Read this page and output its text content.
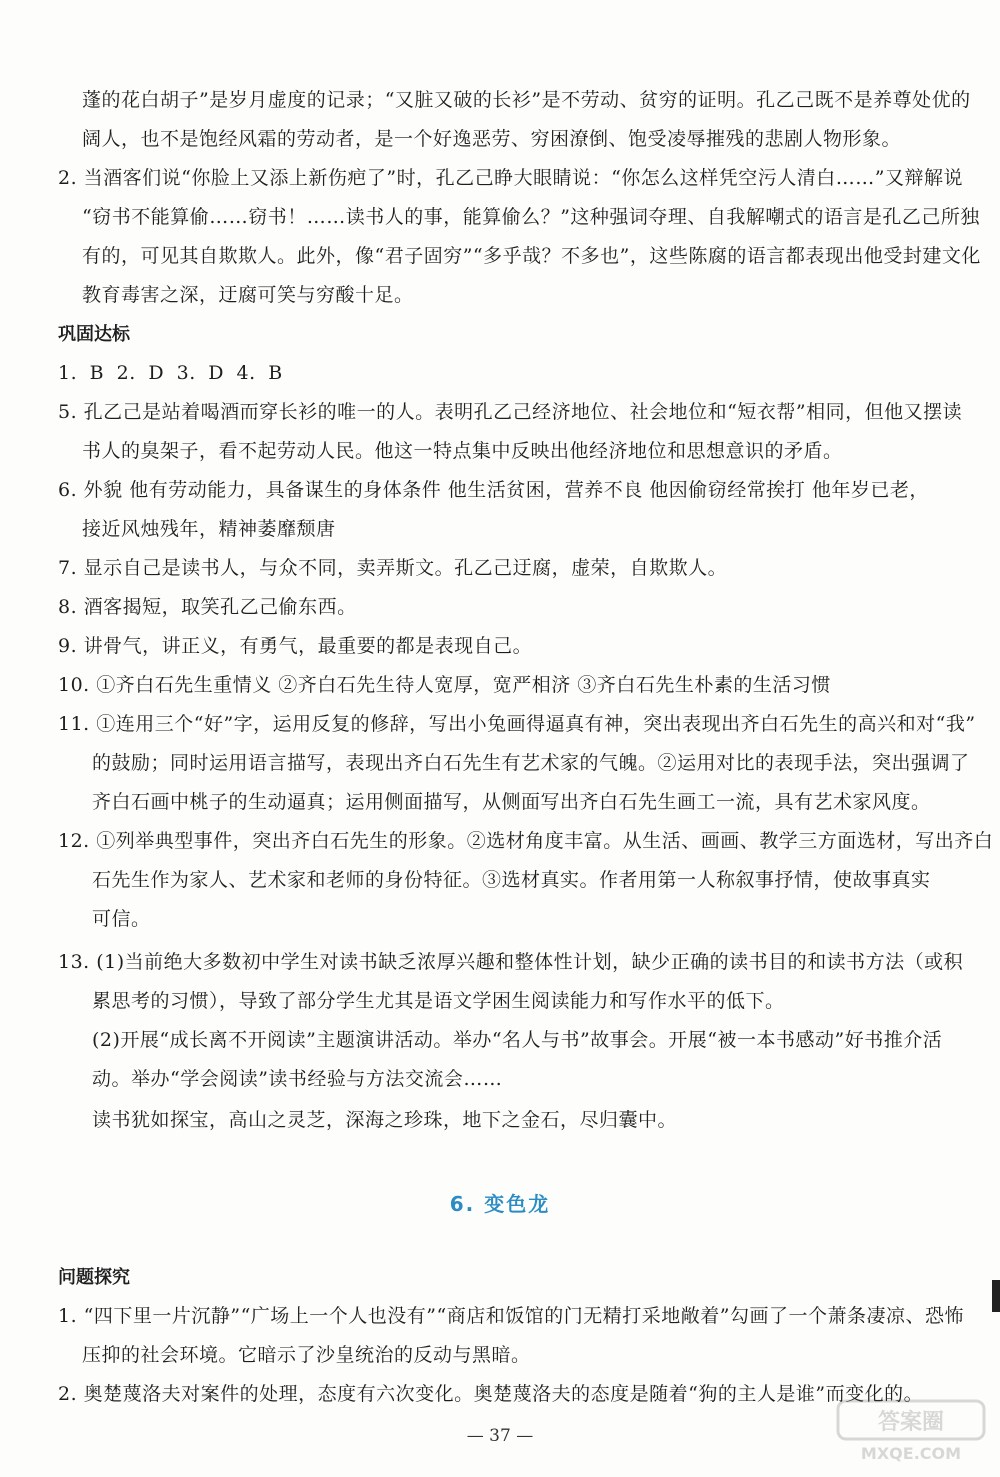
蓬的花白胡子”是岁月虚度的记录；“又脏又破的长衫”是不劳动、贫穷的证明。孔乙己既不是养尊处优的
阔人，也不是饱经风霜的劳动者，是一个好逸恶劳、穷困潦倒、饱受凌辱摧残的悲剧人物形象。
2. 当酒客们说“你脸上又添上新伤疤了”时，孔乙己睁大眼睛说：“你怎么这样凭空污人清白……”又辩解说
“窃书不能算偷……窃书！……读书人的事，能算偷么？”这种强词夺理、自我解嘲式的语言是孔乙己所独
有的，可见其自欺欺人。此外，像“君子固穷”“多乎哉？不多也”，这些陈腐的语言都表现出他受封建文化
教育毒害之深，迂腐可笑与穷酸十足。
巩固达标
1. B 2. D 3. D 4. B
5. 孔乙己是站着喝酒而穿长衫的唯一的人。表明孔乙己经济地位、社会地位和“短衣帮”相同，但他又摆读
书人的臭架子，看不起劳动人民。他这一特点集中反映出他经济地位和思想意识的矛盾。
6. 外貌 他有劳动能力，具备谋生的身体条件 他生活贫困，营养不良 他因偷窃经常挨打 他年岁已老，
接近风烛残年，精神萎靡颓唐
7. 显示自己是读书人，与众不同，卖弄斯文。孔乙己迂腐，虚荣，自欺欺人。
8. 酒客揭短，取笑孔乙己偷东西。
9. 讲骨气，讲正义，有勇气，最重要的都是表现自己。
10. ①齐白石先生重情义 ②齐白石先生待人宽厚，宽严相济 ③齐白石先生朴素的生活习惯
11. ①连用三个“好”字，运用反复的修辞，写出小兔画得逼真有神，突出表现出齐白石先生的高兴和对“我”
的鼓励；同时运用语言描写，表现出齐白石先生有艺术家的气魄。②运用对比的表现手法，突出强调了
齐白石画中桃子的生动逼真；运用侧面描写，从侧面写出齐白石先生画工一流，具有艺术家风度。
12. ①列举典型事件，突出齐白石先生的形象。②选材角度丰富。从生活、画画、教学三方面选材，写出齐白
石先生作为家人、艺术家和老师的身份特征。③选材真实。作者用第一人称叙事抒情，使故事真实
可信。
13. (1)当前绝大多数初中学生对读书缺乏浓厚兴趣和整体性计划，缺少正确的读书目的和读书方法（或积
累思考的习惯），导致了部分学生尤其是语文学困生阅读能力和写作水平的低下。
(2)开展“成长离不开阅读”主题演讲活动。举办“名人与书”故事会。开展“被一本书感动”好书推介活
动。举办“学会阅读”读书经验与方法交流会……
读书犹如探宝，高山之灵芝，深海之珍珠，地下之金石，尽归囊中。
6. 变色龙
问题探究
1. “四下里一片沉静”“广场上一个人也没有”“商店和饭馆的门无精打采地敞着”勾画了一个萧条凄凉、恐怖
压抑的社会环境。它暗示了沙皇统治的反动与黑暗。
2. 奥楚蔑洛夫对案件的处理，态度有六次变化。奥楚蔑洛夫的态度是随着“狗的主人是谁”而变化的。
— 37 —
答案圈
MXQE.COM
